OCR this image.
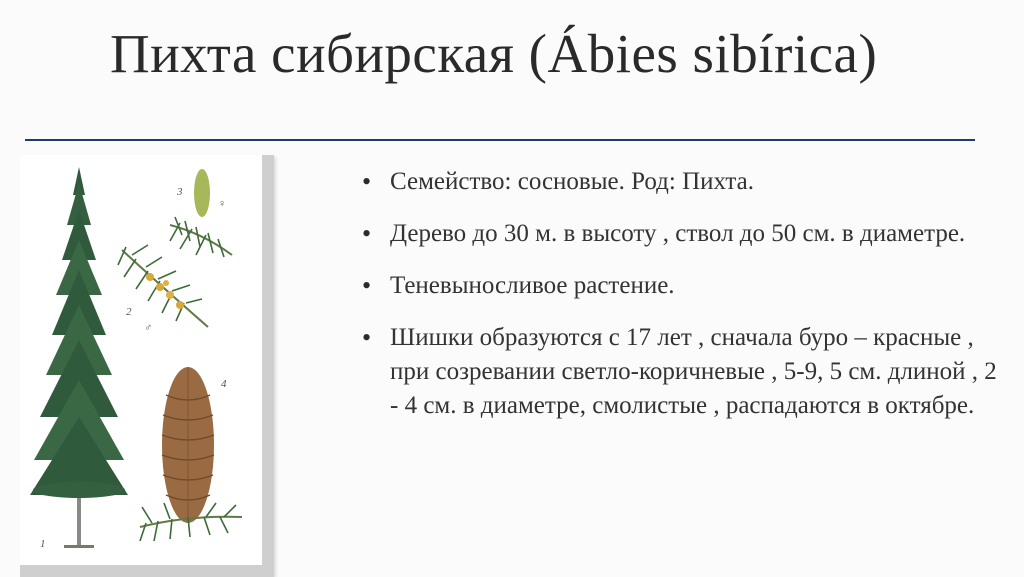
Пихта сибирская (Ábies sibírica)
1
2
3
4
♂
♀
• Семейство: сосновые. Род: Пихта.
• Дерево до 30 м. в высоту , ствол до 50 см. в диаметре.
• Теневыносливое растение.
• Шишки образуются с 17 лет , сначала буро – красные , при созревании светло-коричневые , 5-9, 5 см. длиной , 2 - 4 см. в диаметре, смолистые , распадаются в октябре.
